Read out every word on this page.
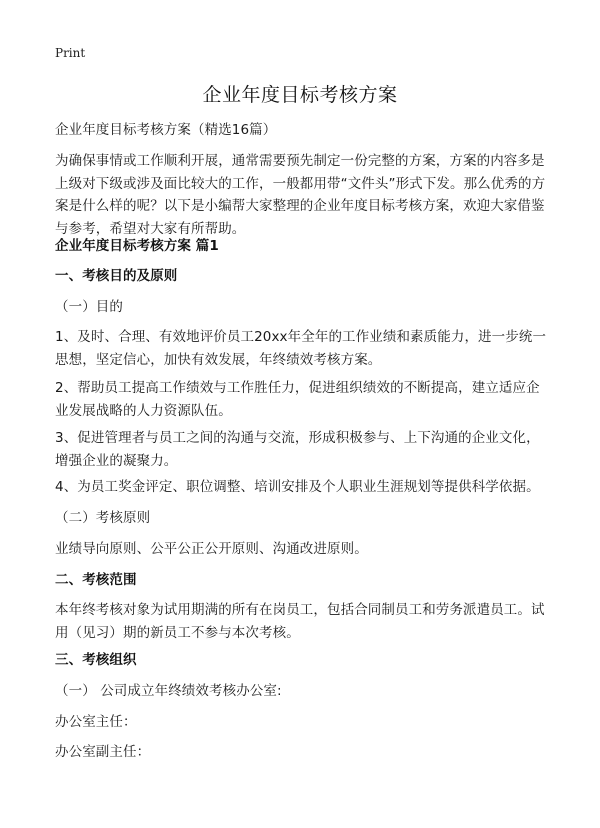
Print
企业年度目标考核方案

企业年度目标考核方案（精选16篇）

为确保事情或工作顺利开展，通常需要预先制定一份完整的方案，方案的内容多是上级对下级或涉及面比较大的工作，一般都用带“文件头”形式下发。那么优秀的方案是什么样的呢？以下是小编帮大家整理的企业年度目标考核方案，欢迎大家借鉴与参考，希望对大家有所帮助。

企业年度目标考核方案 篇1

一、考核目的及原则

（一）目的

1、及时、合理、有效地评价员工20xx年全年的工作业绩和素质能力，进一步统一思想，坚定信心，加快有效发展，年终绩效考核方案。

2、帮助员工提高工作绩效与工作胜任力，促进组织绩效的不断提高，建立适应企业发展战略的人力资源队伍。

3、促进管理者与员工之间的沟通与交流，形成积极参与、上下沟通的企业文化，增强企业的凝聚力。

4、为员工奖金评定、职位调整、培训安排及个人职业生涯规划等提供科学依据。

（二）考核原则

业绩导向原则、公平公正公开原则、沟通改进原则。

二、考核范围

本年终考核对象为试用期满的所有在岗员工，包括合同制员工和劳务派遣员工。试用（见习）期的新员工不参与本次考核。

三、考核组织

（一） 公司成立年终绩效考核办公室:

办公室主任：

办公室副主任：
